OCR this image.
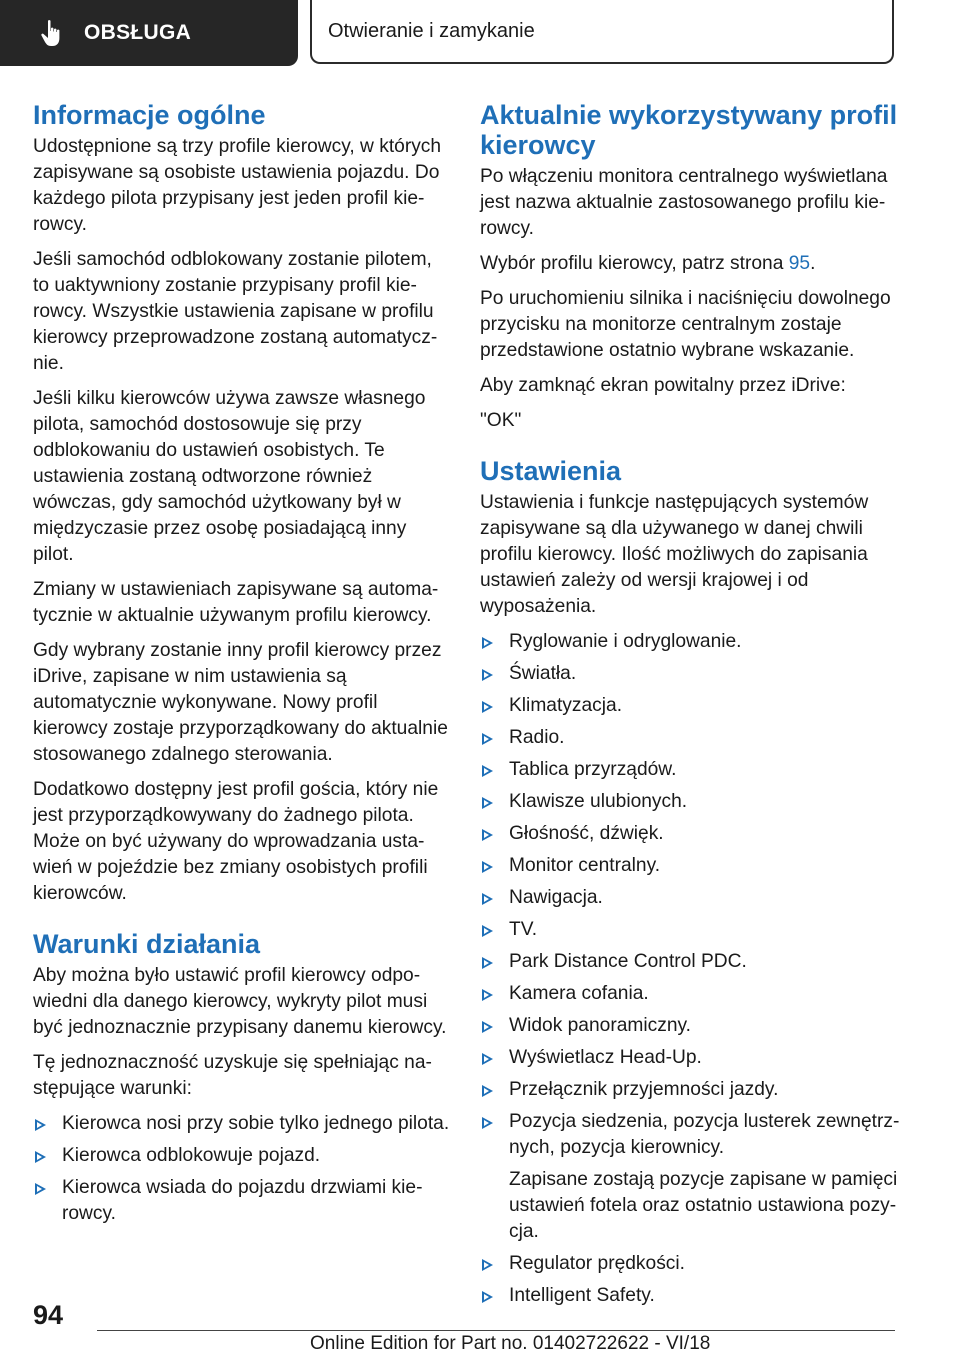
OBSŁUGA	Otwieranie i zamykanie
Informacje ogólne

Udostępnione są trzy profile kierowcy, w których zapisywane są osobiste ustawienia pojazdu. Do każdego pilota przypisany jest jeden profil kierowcy.

Jeśli samochód odblokowany zostanie pilotem, to uaktywniony zostanie przypisany profil kierowcy. Wszystkie ustawienia zapisane w profilu kierowcy przeprowadzone zostaną automatycznie.

Jeśli kilku kierowców używa zawsze własnego pilota, samochód dostosowuje się przy odblokowaniu do ustawień osobistych. Te ustawienia zostaną odtworzone również wówczas, gdy samochód użytkowany był w międzyczasie przez osobę posiadającą inny pilot.

Zmiany w ustawieniach zapisywane są automatycznie w aktualnie używanym profilu kierowcy.

Gdy wybrany zostanie inny profil kierowcy przez iDrive, zapisane w nim ustawienia są automatycznie wykonywane. Nowy profil kierowcy zostaje przyporządkowany do aktualnie stosowanego zdalnego sterowania.

Dodatkowo dostępny jest profil gościa, który nie jest przyporządkowywany do żadnego pilota. Może on być używany do wprowadzania ustawień w pojeździe bez zmiany osobistych profili kierowców.

Warunki działania

Aby można było ustawić profil kierowcy odpowiedni dla danego kierowcy, wykryty pilot musi być jednoznacznie przypisany danemu kierowcy.

Tę jednoznaczność uzyskuje się spełniając następujące warunki:

Kierowca nosi przy sobie tylko jednego pilota.
Kierowca odblokowuje pojazd.
Kierowca wsiada do pojazdu drzwiami kierowcy.
Aktualnie wykorzystywany profil kierowcy

Po włączeniu monitora centralnego wyświetlana jest nazwa aktualnie zastosowanego profilu kierowcy.

Wybór profilu kierowcy, patrz strona 95.

Po uruchomieniu silnika i naciśnięciu dowolnego przycisku na monitorze centralnym zostaje przedstawione ostatnio wybrane wskazanie.

Aby zamknąć ekran powitalny przez iDrive:

"OK"

Ustawienia

Ustawienia i funkcje następujących systemów zapisywane są dla używanego w danej chwili profilu kierowcy. Ilość możliwych do zapisania ustawień zależy od wersji krajowej i od wyposażenia.

Ryglowanie i odryglowanie.
Światła.
Klimatyzacja.
Radio.
Tablica przyrządów.
Klawisze ulubionych.
Głośność, dźwięk.
Monitor centralny.
Nawigacja.
TV.
Park Distance Control PDC.
Kamera cofania.
Widok panoramiczny.
Wyświetlacz Head-Up.
Przełącznik przyjemności jazdy.
Pozycja siedzenia, pozycja lusterek zewnętrznych, pozycja kierownicy.
Zapisane zostają pozycje zapisane w pamięci ustawień fotela oraz ostatnio ustawiona pozycja.
Regulator prędkości.
Intelligent Safety.
94
Online Edition for Part no. 01402722622 - VI/18
